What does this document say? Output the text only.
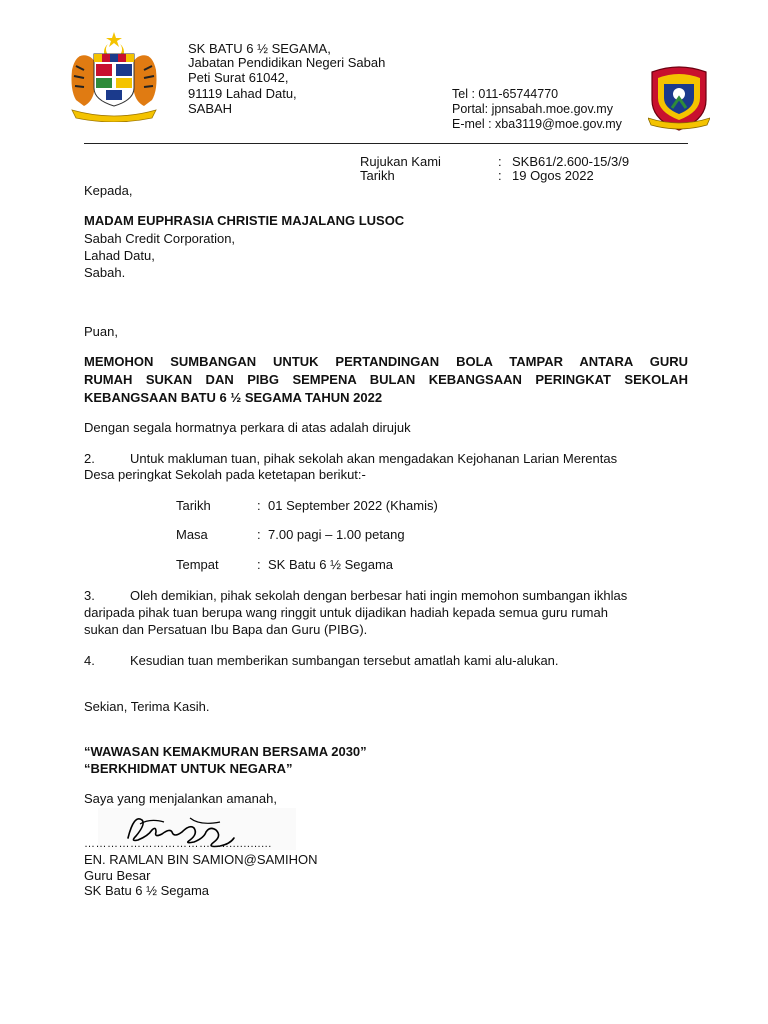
SK BATU 6 ½ SEGAMA,
Jabatan Pendidikan Negeri Sabah
Peti Surat 61042,
91119 Lahad Datu,
SABAH
Tel : 011-65744770
Portal: jpnsabah.moe.gov.my
E-mel : xba3119@moe.gov.my
Rujukan Kami	: SKB61/2.600-15/3/9
Tarikh	: 19 Ogos 2022
Kepada,
MADAM EUPHRASIA CHRISTIE MAJALANG LUSOC
Sabah Credit Corporation,
Lahad Datu,
Sabah.
Puan,
MEMOHON SUMBANGAN UNTUK PERTANDINGAN BOLA TAMPAR ANTARA GURU
RUMAH SUKAN DAN PIBG SEMPENA BULAN KEBANGSAAN PERINGKAT SEKOLAH
KEBANGSAAN BATU 6 ½ SEGAMA TAHUN 2022
Dengan segala hormatnya perkara di atas adalah dirujuk
2.	Untuk makluman tuan, pihak sekolah akan mengadakan Kejohanan Larian Merentas
Desa peringkat Sekolah pada ketetapan berikut:-
Tarikh	: 01 September 2022 (Khamis)
Masa	: 7.00 pagi – 1.00 petang
Tempat	: SK Batu 6 ½ Segama
3.	Oleh demikian, pihak sekolah dengan berbesar hati ingin memohon sumbangan ikhlas
daripada pihak tuan berupa wang ringgit untuk dijadikan hadiah kepada semua guru rumah
sukan dan Persatuan Ibu Bapa dan Guru (PIBG).
4.	Kesudian tuan memberikan sumbangan tersebut amatlah kami alu-alukan.
Sekian, Terima Kasih.
“WAWASAN KEMAKMURAN BERSAMA 2030”
“BERKHIDMAT UNTUK NEGARA”
Saya yang menjalankan amanah,
………………………………..............
EN. RAMLAN BIN SAMION@SAMIHON
Guru Besar
SK Batu 6 ½ Segama
